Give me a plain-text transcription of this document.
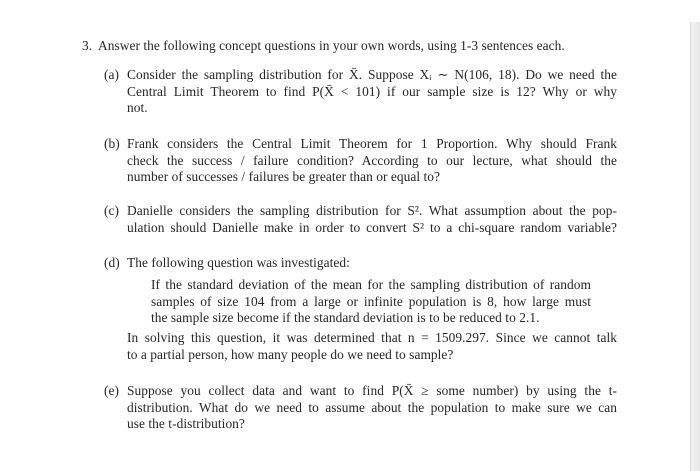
3. Answer the following concept questions in your own words, using 1-3 sentences each.
(a) Consider the sampling distribution for X̄. Suppose Xᵢ ∼ N(106, 18). Do we need the
Central Limit Theorem to find P(X̄ < 101) if our sample size is 12? Why or why
not.
(b) Frank considers the Central Limit Theorem for 1 Proportion. Why should Frank
check the success / failure condition? According to our lecture, what should the
number of successes / failures be greater than or equal to?
(c) Danielle considers the sampling distribution for S². What assumption about the pop-
ulation should Danielle make in order to convert S² to a chi-square random variable?
(d) The following question was investigated:
If the standard deviation of the mean for the sampling distribution of random
samples of size 104 from a large or infinite population is 8, how large must
the sample size become if the standard deviation is to be reduced to 2.1.
In solving this question, it was determined that n = 1509.297. Since we cannot talk
to a partial person, how many people do we need to sample?
(e) Suppose you collect data and want to find P(X̄ ≥ some number) by using the t-
distribution. What do we need to assume about the population to make sure we can
use the t-distribution?
